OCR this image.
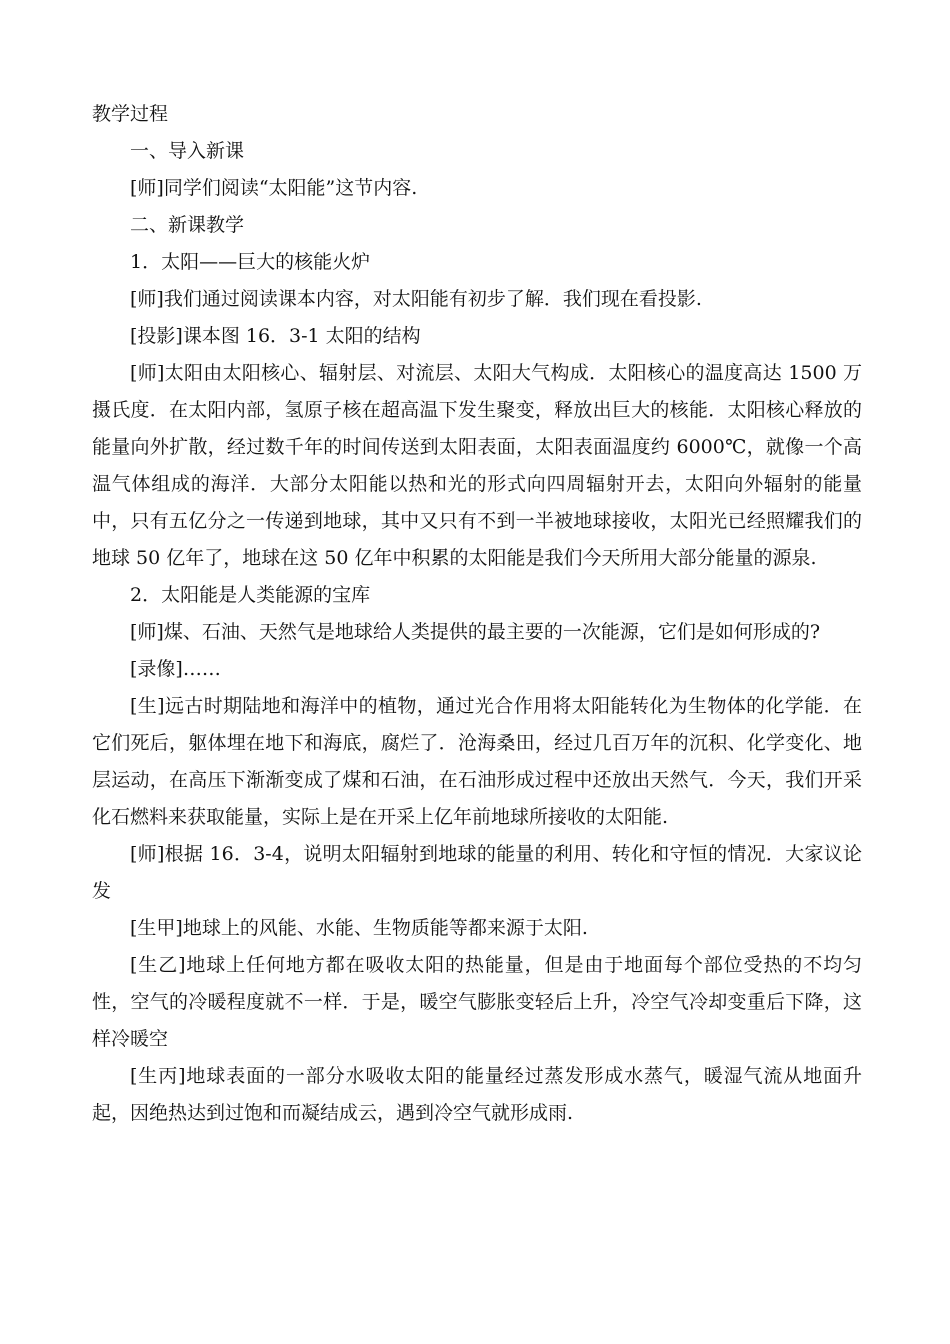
教学过程

一、导入新课

[师]同学们阅读“太阳能”这节内容.

二、新课教学

1．太阳——巨大的核能火炉

[师]我们通过阅读课本内容，对太阳能有初步了解．我们现在看投影.

[投影]课本图 16．3-1 太阳的结构

[师]太阳由太阳核心、辐射层、对流层、太阳大气构成．太阳核心的温度高达 1500 万摄氏度．在太阳内部，氢原子核在超高温下发生聚变，释放出巨大的核能．太阳核心释放的能量向外扩散，经过数千年的时间传送到太阳表面，太阳表面温度约 6000℃，就像一个高温气体组成的海洋．大部分太阳能以热和光的形式向四周辐射开去，太阳向外辐射的能量中，只有五亿分之一传递到地球，其中又只有不到一半被地球接收，太阳光已经照耀我们的地球 50 亿年了，地球在这 50 亿年中积累的太阳能是我们今天所用大部分能量的源泉.

2．太阳能是人类能源的宝库

[师]煤、石油、天然气是地球给人类提供的最主要的一次能源，它们是如何形成的?

[录像]……

[生]远古时期陆地和海洋中的植物，通过光合作用将太阳能转化为生物体的化学能．在它们死后，躯体埋在地下和海底，腐烂了．沧海桑田，经过几百万年的沉积、化学变化、地层运动，在高压下渐渐变成了煤和石油，在石油形成过程中还放出天然气．今天，我们开采化石燃料来获取能量，实际上是在开采上亿年前地球所接收的太阳能.

[师]根据 16．3-4，说明太阳辐射到地球的能量的利用、转化和守恒的情况．大家议论发

[生甲]地球上的风能、水能、生物质能等都来源于太阳.

[生乙]地球上任何地方都在吸收太阳的热能量，但是由于地面每个部位受热的不均匀性，空气的冷暖程度就不一样．于是，暖空气膨胀变轻后上升，冷空气冷却变重后下降，这样冷暖空

[生丙]地球表面的一部分水吸收太阳的能量经过蒸发形成水蒸气，暖湿气流从地面升起，因绝热达到过饱和而凝结成云，遇到冷空气就形成雨.
